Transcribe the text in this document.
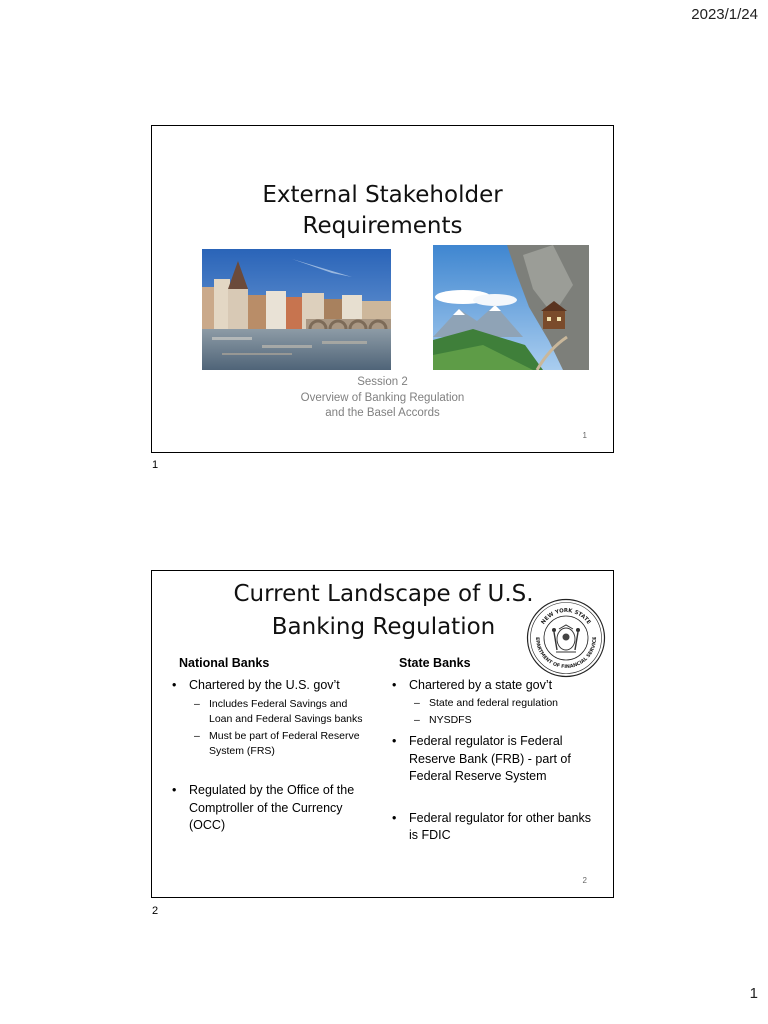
2023/1/24
External Stakeholder
Requirements
Session 2
Overview of Banking Regulation
and the Basel Accords
1
1
Current Landscape of U.S.
Banking Regulation	NEW YORK STATE
EPARTMENT OF FINANCIAL SERVICE
National Banks
• Chartered by the U.S. gov’t
– Includes Federal Savings and Loan and Federal Savings banks
– Must be part of Federal Reserve System (FRS)
• Regulated by the Office of the Comptroller of the Currency (OCC)
State Banks
• Chartered by a state gov’t
– State and federal regulation
– NYSDFS
• Federal regulator is Federal Reserve Bank (FRB) - part of Federal Reserve System
• Federal regulator for other banks is FDIC
2
2
1
